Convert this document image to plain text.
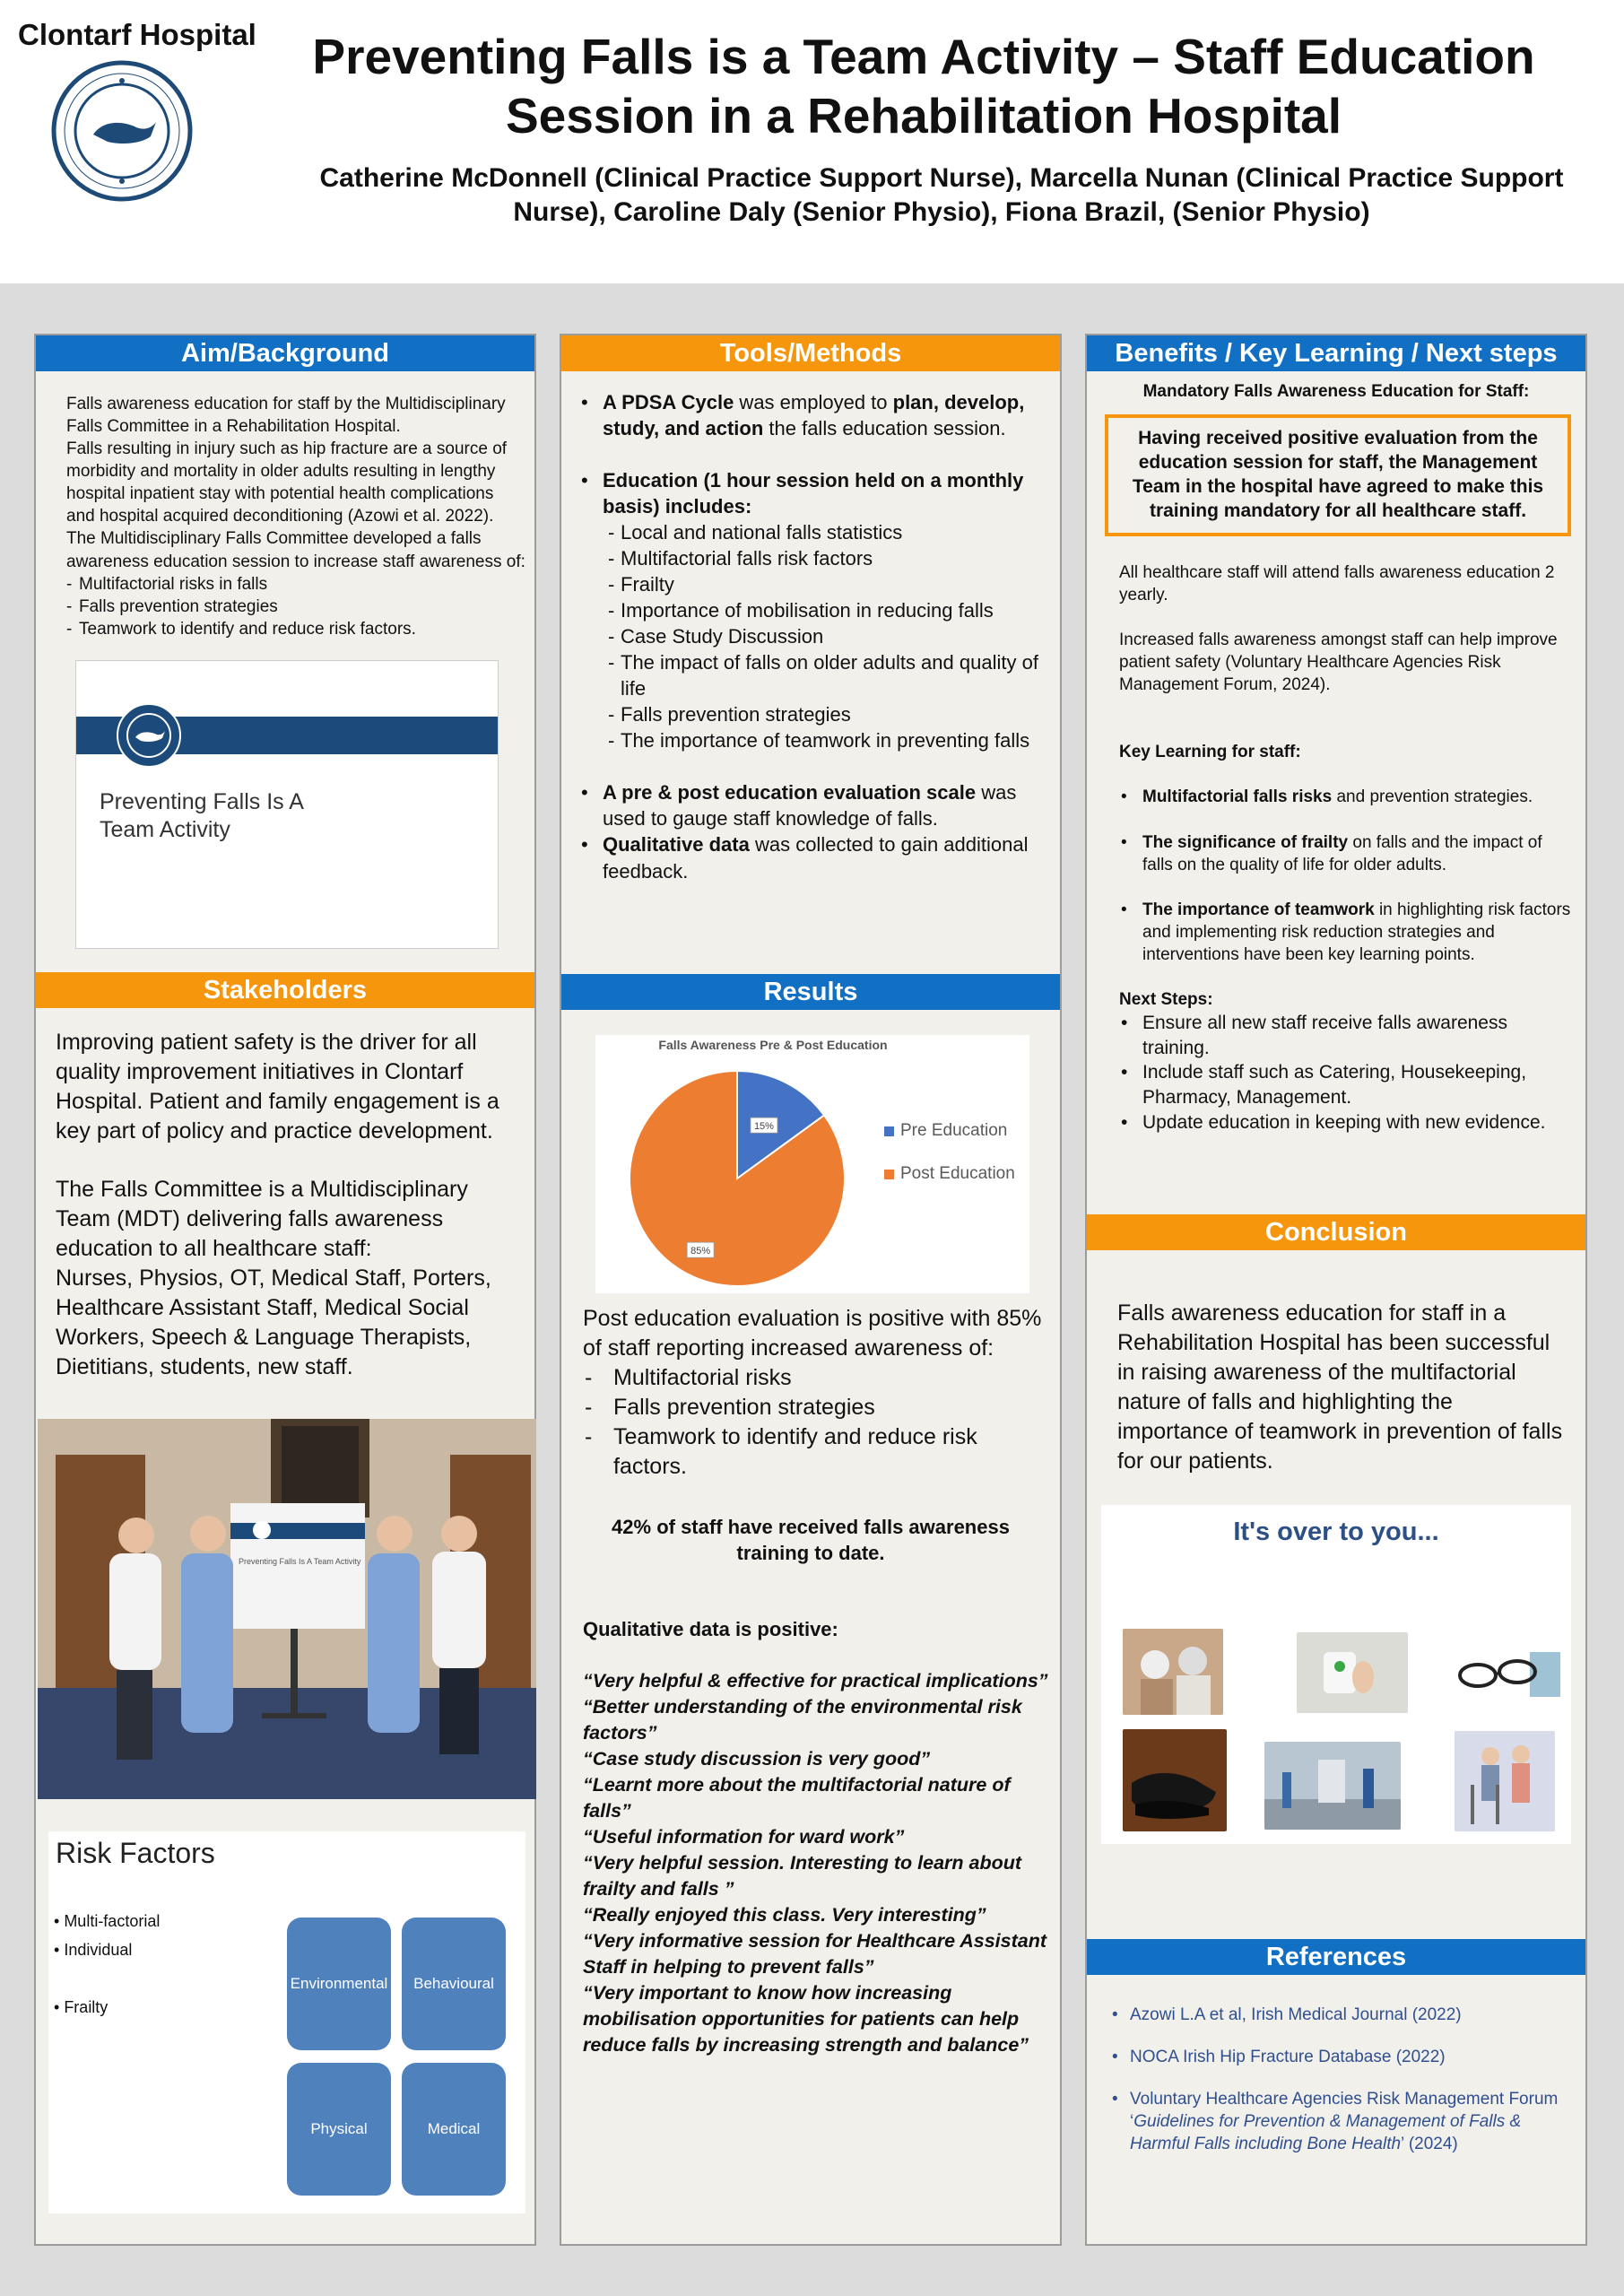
Clontarf Hospital	Preventing Falls is a Team Activity – Staff Education Session in a Rehabilitation Hospital
Catherine McDonnell (Clinical Practice Support Nurse), Marcella Nunan (Clinical Practice Support Nurse), Caroline Daly (Senior Physio), Fiona Brazil, (Senior Physio)
Aim/Background
Falls awareness education for staff by the Multidisciplinary Falls Committee in a Rehabilitation Hospital.
Falls resulting in injury such as hip fracture are a source of morbidity and mortality in older adults resulting in lengthy hospital inpatient stay with potential health complications and hospital acquired deconditioning (Azowi et al. 2022).
The Multidisciplinary Falls Committee developed a falls awareness education session to increase staff awareness of:
- Multifactorial risks in falls
- Falls prevention strategies
- Teamwork to identify and reduce risk factors.
Preventing Falls Is A Team Activity
Stakeholders
Improving patient safety is the driver for all quality improvement initiatives in Clontarf Hospital. Patient and family engagement is a key part of policy and practice development.
The Falls Committee is a Multidisciplinary Team (MDT) delivering falls awareness education to all healthcare staff:
Nurses, Physios, OT, Medical Staff, Porters, Healthcare Assistant Staff, Medical Social Workers, Speech & Language Therapists, Dietitians, students, new staff.
Preventing Falls Is A Team Activity
Risk Factors
• Multi-factorial
• Individual
• Frailty
Environmental	Behavioural
Physical	Medical
Tools/Methods
• A PDSA Cycle was employed to plan, develop, study, and action the falls education session.
• Education (1 hour session held on a monthly basis) includes:
- Local and national falls statistics
- Multifactorial falls risk factors
- Frailty
- Importance of mobilisation in reducing falls
- Case Study Discussion
- The impact of falls on older adults and quality of life
- Falls prevention strategies
- The importance of teamwork in preventing falls
• A pre & post education evaluation scale was used to gauge staff knowledge of falls.
• Qualitative data was collected to gain additional feedback.
Results
Falls Awareness Pre & Post Education
15%
85%
Pre Education
Post Education
Post education evaluation is positive with 85% of staff reporting increased awareness of:
- Multifactorial risks
- Falls prevention strategies
- Teamwork to identify and reduce risk factors.
42% of staff have received falls awareness training to date.
Qualitative data is positive:
“Very helpful & effective for practical implications”
“Better understanding of the environmental risk factors”
“Case study discussion is very good”
“Learnt more about the multifactorial nature of falls”
“Useful information for ward work”
“Very helpful session. Interesting to learn about frailty and falls ”
“Really enjoyed this class. Very interesting”
“Very informative session for Healthcare Assistant Staff in helping to prevent falls”
“Very important to know how increasing mobilisation opportunities for patients can help reduce falls by increasing strength and balance”
Benefits / Key Learning / Next steps
Mandatory Falls Awareness Education for Staff:
Having received positive evaluation from the education session for staff, the Management Team in the hospital have agreed to make this training mandatory for all healthcare staff.
All healthcare staff will attend falls awareness education 2 yearly.
Increased falls awareness amongst staff can help improve patient safety (Voluntary Healthcare Agencies Risk Management Forum, 2024).
Key Learning for staff:
• Multifactorial falls risks and prevention strategies.
• The significance of frailty on falls and the impact of falls on the quality of life for older adults.
• The importance of teamwork in highlighting risk factors and implementing risk reduction strategies and interventions have been key learning points.
Next Steps:
• Ensure all new staff receive falls awareness training.
• Include staff such as Catering, Housekeeping, Pharmacy, Management.
• Update education in keeping with new evidence.
Conclusion
Falls awareness education for staff in a Rehabilitation Hospital has been successful in raising awareness of the multifactorial nature of falls and highlighting the importance of teamwork in prevention of falls for our patients.
It's over to you...
References
• Azowi L.A et al, Irish Medical Journal (2022)
• NOCA Irish Hip Fracture Database (2022)
• Voluntary Healthcare Agencies Risk Management Forum ‘Guidelines for Prevention & Management of Falls & Harmful Falls including Bone Health’ (2024)
